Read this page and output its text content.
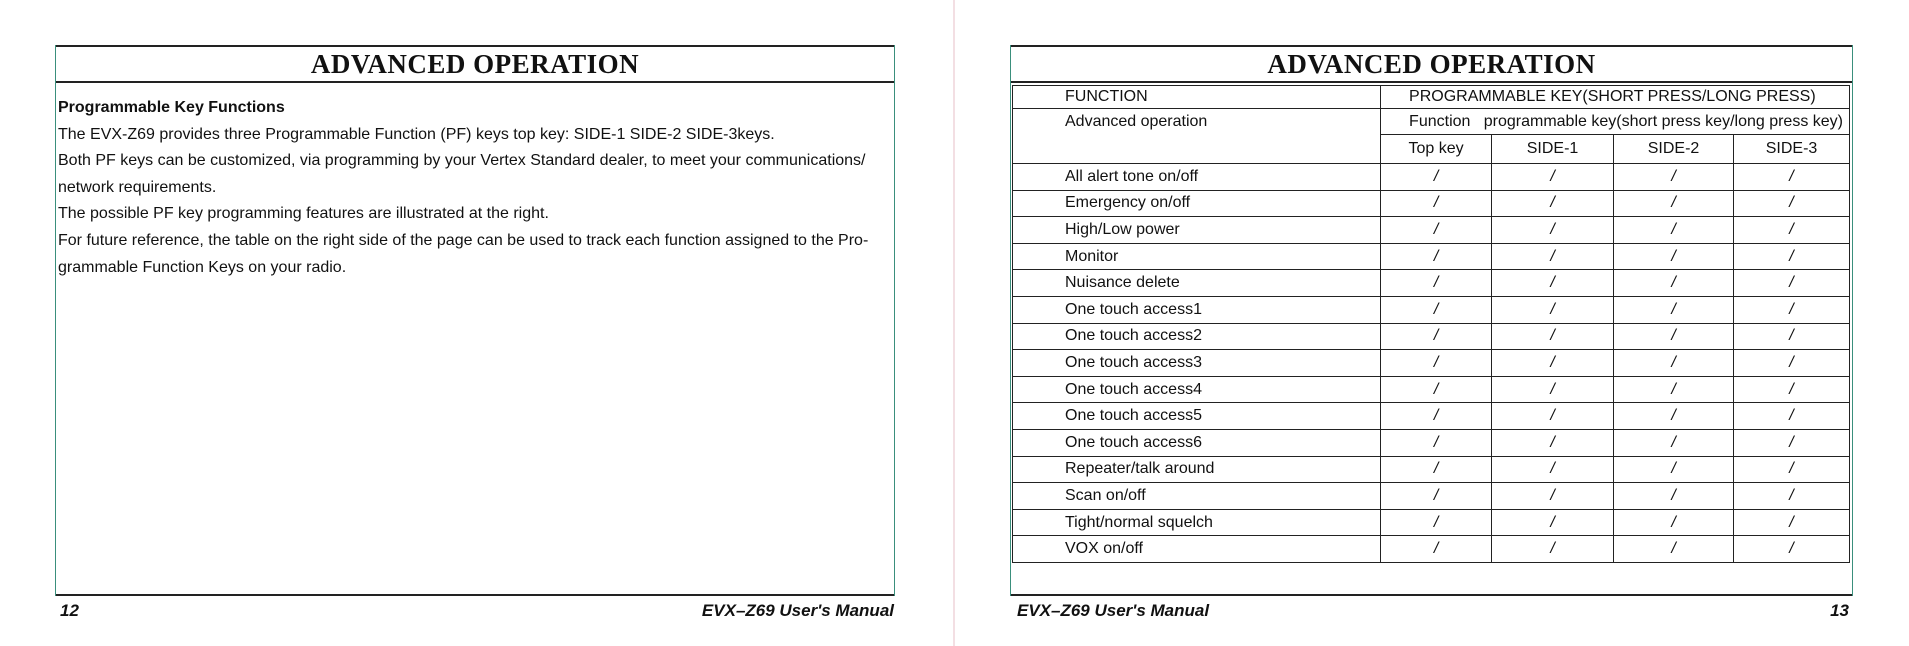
ADVANCED OPERATION

Programmable Key Functions

The EVX-Z69 provides three Programmable Function (PF) keys top key: SIDE-1 SIDE-2 SIDE-3keys.

Both PF keys can be customized, via programming by your Vertex Standard dealer, to meet your communications/

network requirements.

The possible PF key programming features are illustrated at the right.

For future reference, the table on the right side of the page can be used to track each function assigned to the Pro-

grammable Function Keys on your radio.

12	EVX–Z69 User's Manual
ADVANCED OPERATION
FUNCTION	PROGRAMMABLE KEY(SHORT PRESS/LONG PRESS)			
Advanced operation	Function   programmable key(short press key/long press key)			
	Top key	SIDE-1	SIDE-2	SIDE-3
All alert tone on/off	/	/	/	/
Emergency on/off	/	/	/	/
High/Low power	/	/	/	/
Monitor	/	/	/	/
Nuisance delete	/	/	/	/
One touch access1	/	/	/	/
One touch access2	/	/	/	/
One touch access3	/	/	/	/
One touch access4	/	/	/	/
One touch access5	/	/	/	/
One touch access6	/	/	/	/
Repeater/talk around	/	/	/	/
Scan on/off	/	/	/	/
Tight/normal squelch	/	/	/	/
VOX on/off	/	/	/	/
EVX–Z69 User's Manual	13
